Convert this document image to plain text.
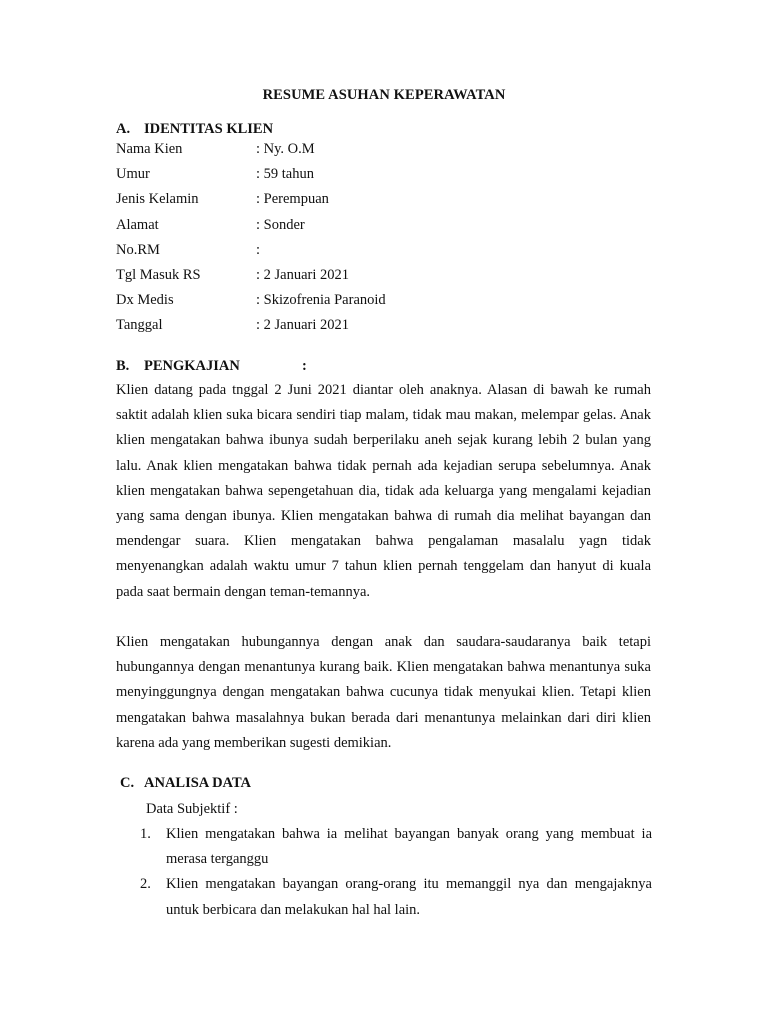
RESUME ASUHAN KEPERAWATAN
A. IDENTITAS KLIEN
Nama Kien	: Ny. O.M
Umur	: 59 tahun
Jenis Kelamin	: Perempuan
Alamat	: Sonder
No.RM	:
Tgl Masuk RS	: 2 Januari 2021
Dx Medis	: Skizofrenia Paranoid
Tanggal	: 2 Januari 2021
B. PENGKAJIAN	:

Klien datang pada tnggal 2 Juni 2021 diantar oleh anaknya. Alasan di bawah ke rumah saktit adalah klien suka bicara sendiri tiap malam, tidak mau makan, melempar gelas. Anak klien mengatakan bahwa ibunya sudah berperilaku aneh sejak kurang lebih 2 bulan yang lalu. Anak klien mengatakan bahwa tidak pernah ada kejadian serupa sebelumnya. Anak klien mengatakan bahwa sepengetahuan dia, tidak ada keluarga yang mengalami kejadian yang sama dengan ibunya. Klien mengatakan bahwa di rumah dia melihat bayangan dan mendengar suara. Klien mengatakan bahwa pengalaman masalalu yagn tidak menyenangkan adalah waktu umur 7 tahun klien pernah tenggelam dan hanyut di kuala pada saat bermain dengan teman-temannya.

Klien mengatakan hubungannya dengan anak dan saudara-saudaranya baik tetapi hubungannya dengan menantunya kurang baik. Klien mengatakan bahwa menantunya suka menyinggungnya dengan mengatakan bahwa cucunya tidak menyukai klien. Tetapi klien mengatakan bahwa masalahnya bukan berada dari menantunya melainkan dari diri klien karena ada yang memberikan sugesti demikian.

C. ANALISA DATA
Data Subjektif :
1. Klien mengatakan bahwa ia melihat bayangan banyak orang yang membuat ia merasa terganggu
2. Klien mengatakan bayangan orang-orang itu memanggil nya dan mengajaknya untuk berbicara dan melakukan hal hal lain.
